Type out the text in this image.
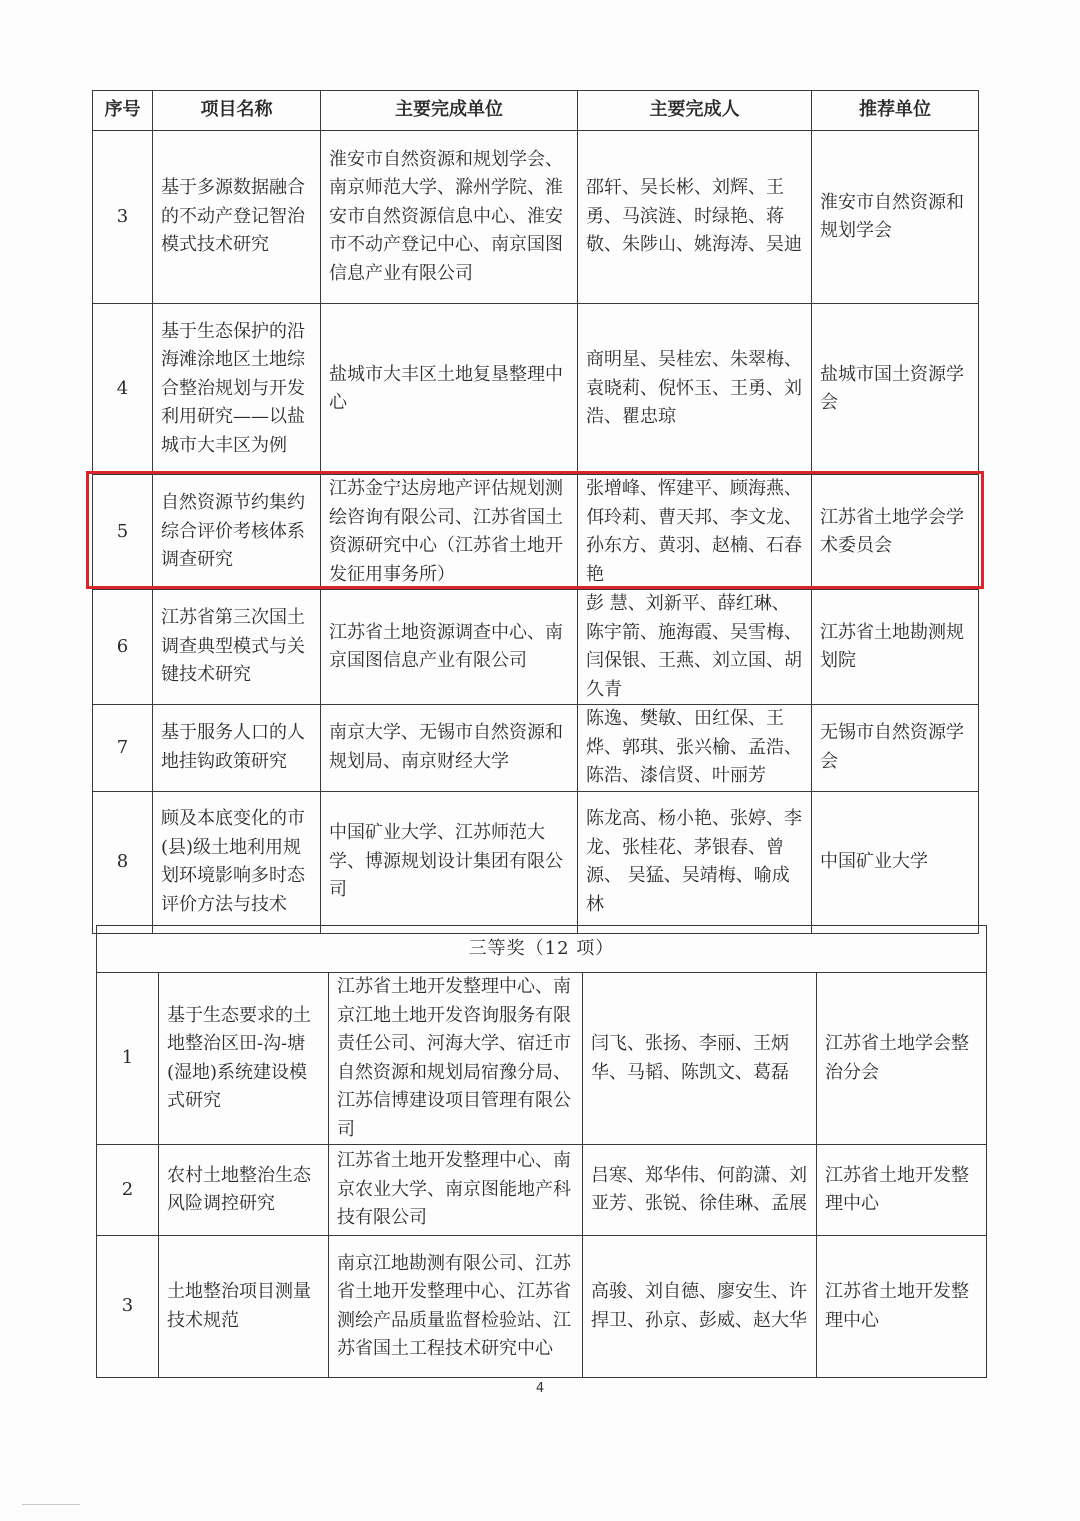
序号	项目名称	主要完成单位	主要完成人	推荐单位
3	基于多源数据融合的不动产登记智治模式技术研究	淮安市自然资源和规划学会、南京师范大学、滁州学院、淮安市自然资源信息中心、淮安市不动产登记中心、南京国图信息产业有限公司	邵轩、吴长彬、刘辉、王勇、马滨涟、时绿艳、蒋敬、朱陟山、姚海涛、吴迪	淮安市自然资源和规划学会
4	基于生态保护的沿海滩涂地区土地综合整治规划与开发利用研究——以盐城市大丰区为例	盐城市大丰区土地复垦整理中心	商明星、吴桂宏、朱翠梅、袁晓莉、倪怀玉、王勇、刘浩、瞿忠琼	盐城市国土资源学会
5	自然资源节约集约综合评价考核体系调查研究	江苏金宁达房地产评估规划测绘咨询有限公司、江苏省国土资源研究中心（江苏省土地开发征用事务所）	张增峰、恽建平、顾海燕、佴玲莉、曹天邦、李文龙、孙东方、黄羽、赵楠、石春艳	江苏省土地学会学术委员会
6	江苏省第三次国土调查典型模式与关键技术研究	江苏省土地资源调查中心、南京国图信息产业有限公司	彭 慧、刘新平、薛红琳、陈宇箭、施海霞、吴雪梅、闫保银、王燕、刘立国、胡久青	江苏省土地勘测规划院
7	基于服务人口的人地挂钩政策研究	南京大学、无锡市自然资源和规划局、南京财经大学	陈逸、樊敏、田红保、王烨、郭琪、张兴榆、孟浩、陈浩、漆信贤、叶丽芳	无锡市自然资源学会
8	顾及本底变化的市(县)级土地利用规划环境影响多时态评价方法与技术	中国矿业大学、江苏师范大学、博源规划设计集团有限公司	陈龙高、杨小艳、张婷、李龙、张桂花、茅银春、曾源、 吴猛、吴靖梅、喻成林	中国矿业大学
三等奖（12 项）				
1	基于生态要求的土地整治区田-沟-塘(湿地)系统建设模式研究	江苏省土地开发整理中心、南京江地土地开发咨询服务有限责任公司、河海大学、宿迁市自然资源和规划局宿豫分局、江苏信博建设项目管理有限公司	闫飞、张扬、李丽、王炳华、马韬、陈凯文、葛磊	江苏省土地学会整治分会
2	农村土地整治生态风险调控研究	江苏省土地开发整理中心、南京农业大学、南京图能地产科技有限公司	吕寒、郑华伟、何韵潇、刘亚芳、张锐、徐佳琳、孟展	江苏省土地开发整理中心
3	土地整治项目测量技术规范	南京江地勘测有限公司、江苏省土地开发整理中心、江苏省测绘产品质量监督检验站、江苏省国土工程技术研究中心	高骏、刘自德、廖安生、许捍卫、孙京、彭威、赵大华	江苏省土地开发整理中心
4
